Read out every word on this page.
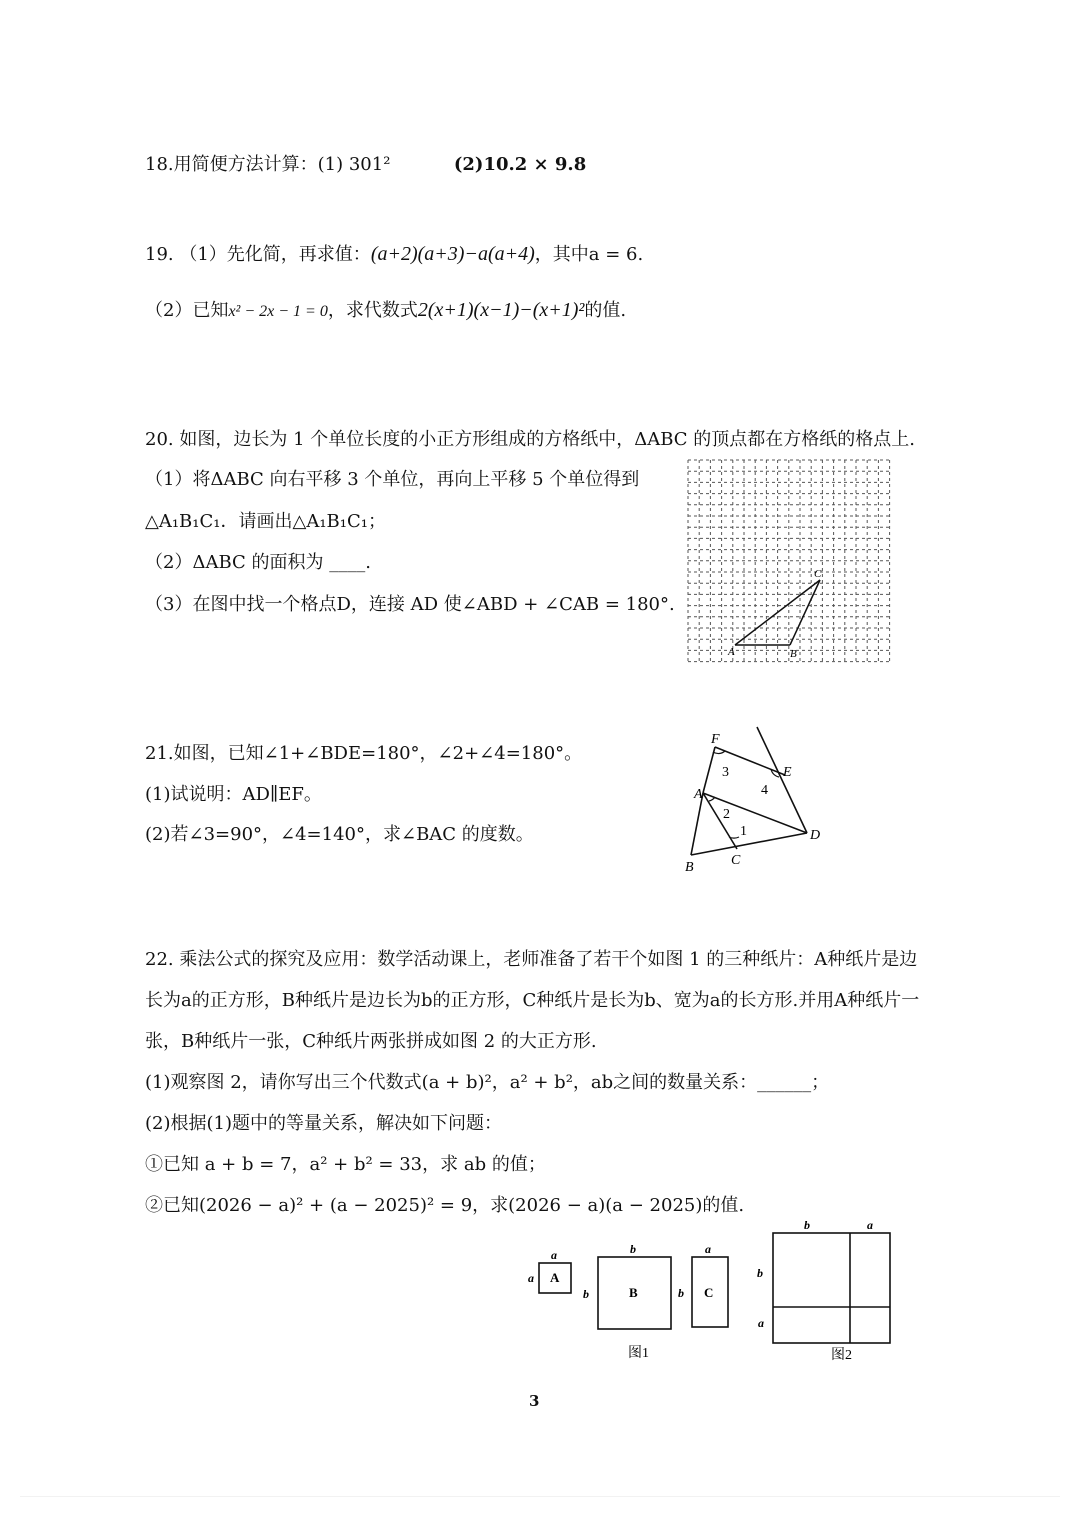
18.用简便方法计算：(1) 301²	(2)10.2 × 9.8
19. （1）先化简，再求值：(a+2)(a+3)−a(a+4)，其中a = 6.
（2）已知x² − 2x − 1 = 0，求代数式2(x+1)(x−1)−(x+1)²的值.
20. 如图，边长为 1 个单位长度的小正方形组成的方格纸中，ΔABC 的顶点都在方格纸的格点上.
（1）将ΔABC 向右平移 3 个单位，再向上平移 5 个单位得到
△A₁B₁C₁．请画出△A₁B₁C₁；
（2）ΔABC 的面积为 ____.
（3）在图中找一个格点D，连接 AD 使∠ABD + ∠CAB = 180°.
A	B
C
21.如图，已知∠1+∠BDE=180°，∠2+∠4=180°。
(1)试说明：AD∥EF。
(2)若∠3=90°，∠4=140°，求∠BAC 的度数。
F
E
A
D
B	C
1
2
3
4
22. 乘法公式的探究及应用：数学活动课上，老师准备了若干个如图 1 的三种纸片：A种纸片是边
长为a的正方形，B种纸片是边长为b的正方形，C种纸片是长为b、宽为a的长方形.并用A种纸片一
张，B种纸片一张，C种纸片两张拼成如图 2 的大正方形.
(1)观察图 2，请你写出三个代数式(a + b)²，a² + b²，ab之间的数量关系：______；
(2)根据(1)题中的等量关系，解决如下问题：
①已知 a + b = 7，a² + b² = 33，求 ab 的值；
②已知(2026 − a)² + (a − 2025)² = 9，求(2026 − a)(a − 2025)的值.
A
a
a
B
b
b	C
a
b
图1
b	a
b
a
图2
3
